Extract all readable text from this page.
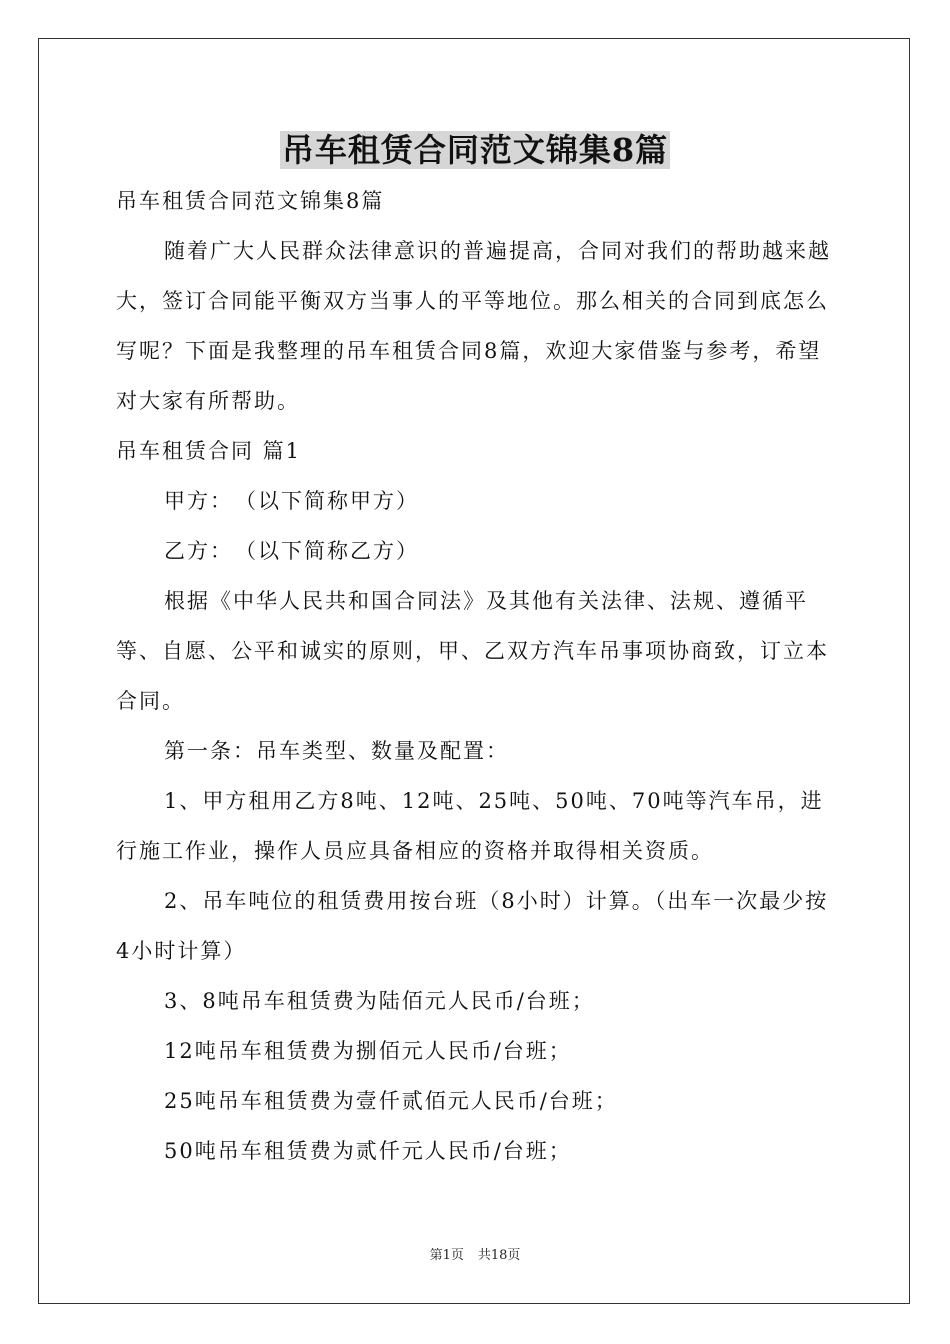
吊车租赁合同范文锦集8篇

吊车租赁合同范文锦集8篇

随着广大人民群众法律意识的普遍提高，合同对我们的帮助越来越大，签订合同能平衡双方当事人的平等地位。那么相关的合同到底怎么写呢？下面是我整理的吊车租赁合同8篇，欢迎大家借鉴与参考，希望对大家有所帮助。

吊车租赁合同 篇1

甲方：　（以下简称甲方）

乙方：　（以下简称乙方）

根据《中华人民共和国合同法》及其他有关法律、法规、遵循平等、自愿、公平和诚实的原则，甲、乙双方汽车吊事项协商致，订立本合同。

第一条：吊车类型、数量及配置：

1、甲方租用乙方8吨、12吨、25吨、50吨、70吨等汽车吊，进行施工作业，操作人员应具备相应的资格并取得相关资质。

2、吊车吨位的租赁费用按台班（8小时）计算。（出车一次最少按4小时计算）

3、8吨吊车租赁费为陆佰元人民币/台班；

12吨吊车租赁费为捌佰元人民币/台班；

25吨吊车租赁费为壹仟贰佰元人民币/台班；

50吨吊车租赁费为贰仟元人民币/台班；

第1页 共18页
